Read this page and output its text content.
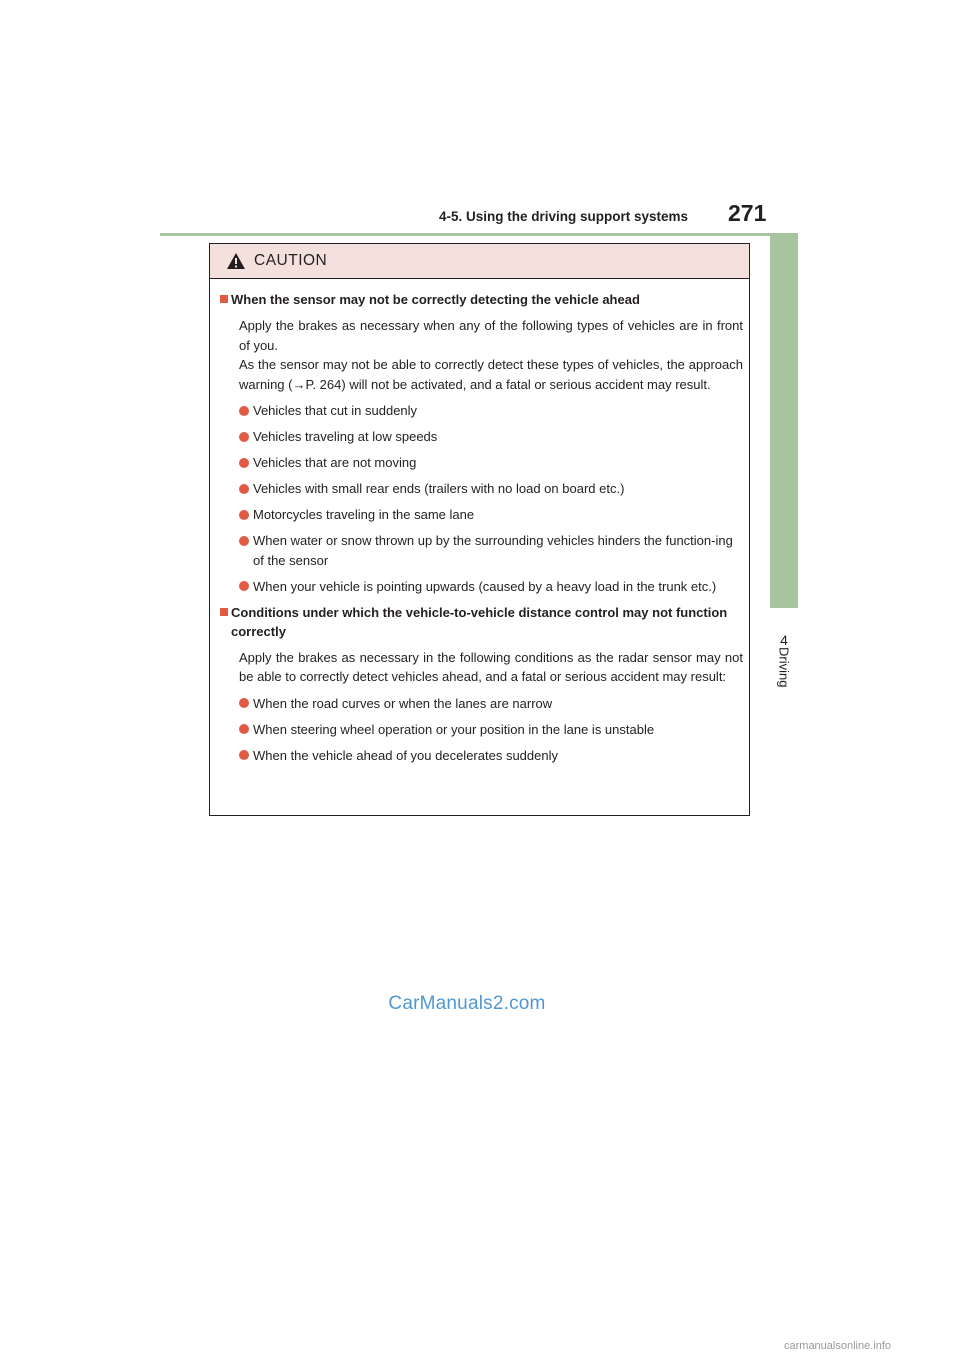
4-5. Using the driving support systems 271
4
Driving
CAUTION
When the sensor may not be correctly detecting the vehicle ahead

Apply the brakes as necessary when any of the following types of vehicles are in front of you.

As the sensor may not be able to correctly detect these types of vehicles, the approach warning (→P. 264) will not be activated, and a fatal or serious accident may result.

Vehicles that cut in suddenly
Vehicles traveling at low speeds
Vehicles that are not moving
Vehicles with small rear ends (trailers with no load on board etc.)
Motorcycles traveling in the same lane
When water or snow thrown up by the surrounding vehicles hinders the function-ing of the sensor
When your vehicle is pointing upwards (caused by a heavy load in the trunk etc.)
Conditions under which the vehicle-to-vehicle distance control may not function correctly

Apply the brakes as necessary in the following conditions as the radar sensor may not be able to correctly detect vehicles ahead, and a fatal or serious accident may result:

When the road curves or when the lanes are narrow
When steering wheel operation or your position in the lane is unstable
When the vehicle ahead of you decelerates suddenly
CarManuals2.com
carmanualsonline.info
